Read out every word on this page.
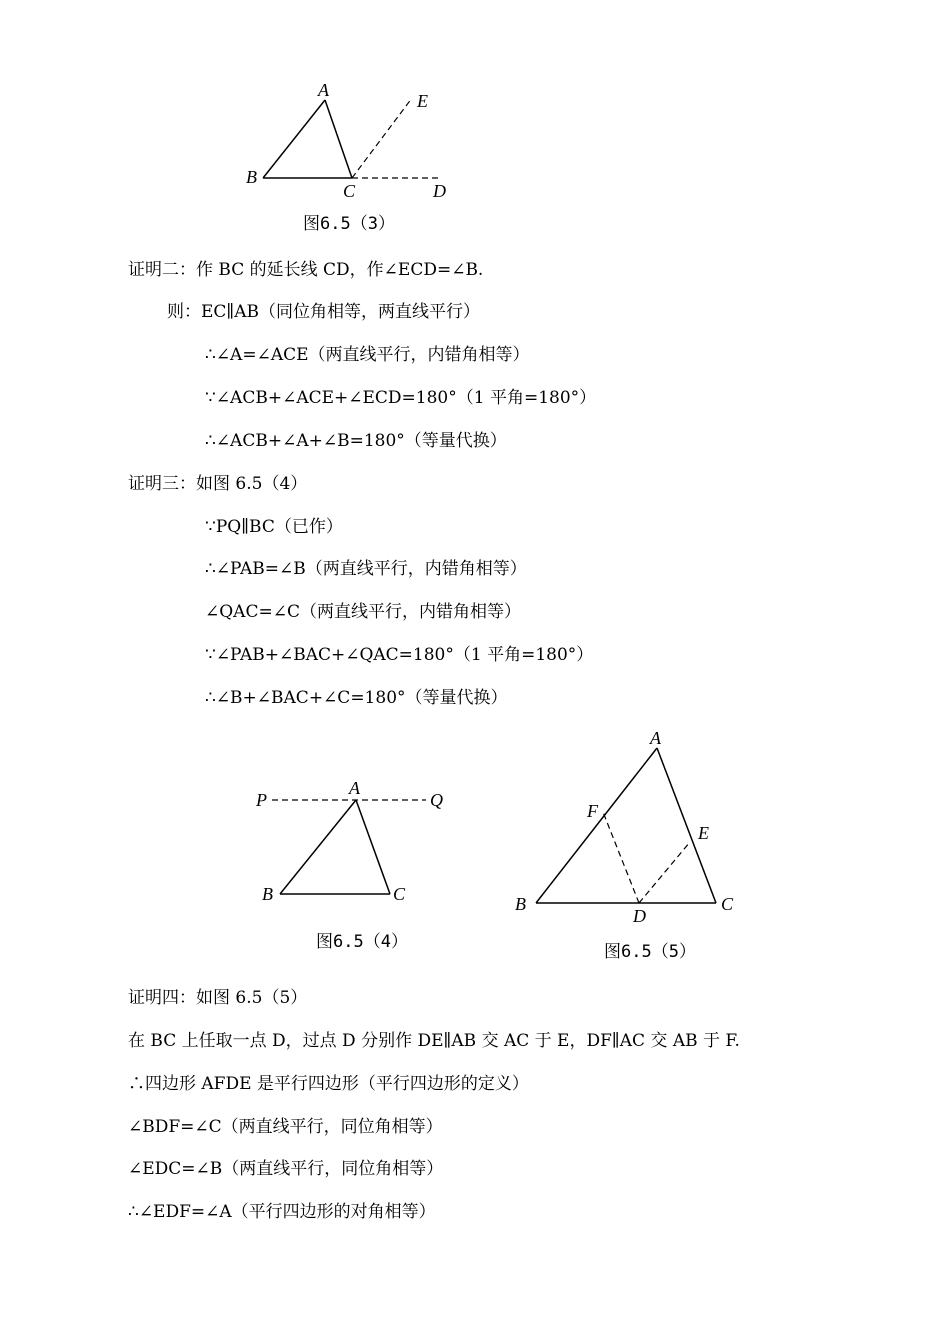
A
E
B
C	D
图6.5（3）
证明二：作 BC 的延长线 CD，作∠ECD=∠B.
则：EC∥AB（同位角相等，两直线平行）
∴∠A=∠ACE（两直线平行，内错角相等）
∵∠ACB+∠ACE+∠ECD=180°（1 平角=180°）
∴∠ACB+∠A+∠B=180°（等量代换）
证明三：如图 6.5（4）
∵PQ∥BC（已作）
∴∠PAB=∠B（两直线平行，内错角相等）
∠QAC=∠C（两直线平行，内错角相等）
∵∠PAB+∠BAC+∠QAC=180°（1 平角=180°）
∴∠B+∠BAC+∠C=180°（等量代换）
P
A
Q
B	C
图6.5（4）
A
F
E
B
D
C
图6.5（5）
证明四：如图 6.5（5）
在 BC 上任取一点 D，过点 D 分别作 DE∥AB 交 AC 于 E，DF∥AC 交 AB 于 F.
∴四边形 AFDE 是平行四边形（平行四边形的定义）
∠BDF=∠C（两直线平行，同位角相等）
∠EDC=∠B（两直线平行，同位角相等）
∴∠EDF=∠A（平行四边形的对角相等）
